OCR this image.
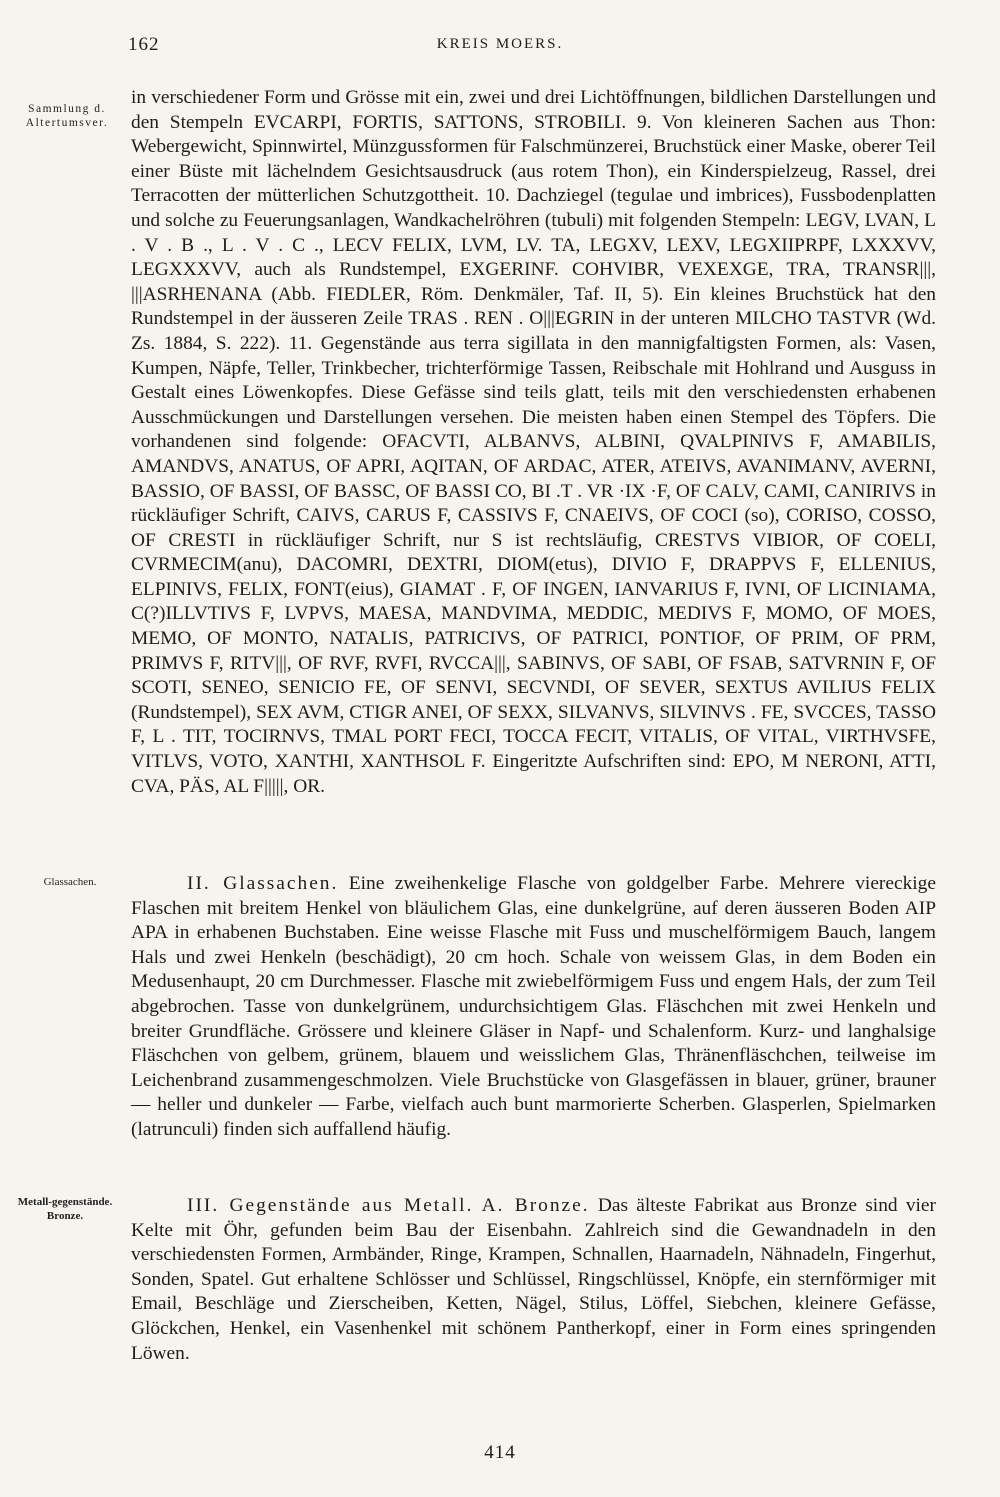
162	KREIS MOERS.
Sammlung d. Altertumsver.
Glassachen.
Metall-gegenstände. Bronze.

in verschiedener Form und Grösse mit ein, zwei und drei Lichtöffnungen, bildlichen Darstellungen und den Stempeln EVCARPI, FORTIS, SATTONS, STROBILI. 9. Von kleineren Sachen aus Thon: Webergewicht, Spinnwirtel, Münzgussformen für Falschmünzerei, Bruchstück einer Maske, oberer Teil einer Büste mit lächelndem Gesichtsausdruck (aus rotem Thon), ein Kinderspielzeug, Rassel, drei Terracotten der mütterlichen Schutzgottheit. 10. Dachziegel (tegulae und imbrices), Fussbodenplatten und solche zu Feuerungsanlagen, Wandkachelröhren (tubuli) mit folgenden Stempeln: LEGV, LVAN, L . V . B ., L . V . C ., LECV FELIX, LVM, LV. TA, LEGXV, LEXV, LEGXIIPRPF, LXXXVV, LEGXXXVV, auch als Rundstempel, EXGERINF. COHVIBR, VEXEXGE, TRA, TRANSR|||, |||ASRHENANA (Abb. FIEDLER, Röm. Denkmäler, Taf. II, 5). Ein kleines Bruchstück hat den Rundstempel in der äusseren Zeile TRAS . REN . O|||EGRIN in der unteren MILCHO TASTVR (Wd. Zs. 1884, S. 222). 11. Gegenstände aus terra sigillata in den mannigfaltigsten Formen, als: Vasen, Kumpen, Näpfe, Teller, Trinkbecher, trichterförmige Tassen, Reibschale mit Hohlrand und Ausguss in Gestalt eines Löwenkopfes. Diese Gefässe sind teils glatt, teils mit den verschiedensten erhabenen Ausschmückungen und Darstellungen versehen. Die meisten haben einen Stempel des Töpfers. Die vorhandenen sind folgende: OFACVTI, ALBANVS, ALBINI, QVALPINIVS F, AMABILIS, AMANDVS, ANATUS, OF APRI, AQITAN, OF ARDAC, ATER, ATEIVS, AVANIMANV, AVERNI, BASSIO, OF BASSI, OF BASSC, OF BASSI CO, BI .T . VR ·IX ·F, OF CALV, CAMI, CANIRIVS in rückläufiger Schrift, CAIVS, CARUS F, CASSIVS F, CNAEIVS, OF COCI (so), CORISO, COSSO, OF CRESTI in rückläufiger Schrift, nur S ist rechtsläufig, CRESTVS VIBIOR, OF COELI, CVRMECIM(anu), DACOMRI, DEXTRI, DIOM(etus), DIVIO F, DRAPPVS F, ELLENIUS, ELPINIVS, FELIX, FONT(eius), GIAMAT . F, OF INGEN, IANVARIUS F, IVNI, OF LICINIAMA, C(?)ILLVTIVS F, LVPVS, MAESA, MANDVIMA, MEDDIC, MEDIVS F, MOMO, OF MOES, MEMO, OF MONTO, NATALIS, PATRICIVS, OF PATRICI, PONTIOF, OF PRIM, OF PRM, PRIMVS F, RITV|||, OF RVF, RVFI, RVCCA|||, SABINVS, OF SABI, OF FSAB, SATVRNIN F, OF SCOTI, SENEO, SENICIO FE, OF SENVI, SECVNDI, OF SEVER, SEXTUS AVILIUS FELIX (Rundstempel), SEX AVM, CTIGR ANEI, OF SEXX, SILVANVS, SILVINVS . FE, SVCCES, TASSO F, L . TIT, TOCIRNVS, TMAL PORT FECI, TOCCA FECIT, VITALIS, OF VITAL, VIRTHVSFE, VITLVS, VOTO, XANTHI, XANTHSOL F. Eingeritzte Aufschriften sind: EPO, M NERONI, ATTI, CVA, PÄS, AL F|||||, OR.

II. Glassachen. Eine zweihenkelige Flasche von goldgelber Farbe. Mehrere viereckige Flaschen mit breitem Henkel von bläulichem Glas, eine dunkelgrüne, auf deren äusseren Boden AIP APA in erhabenen Buchstaben. Eine weisse Flasche mit Fuss und muschelförmigem Bauch, langem Hals und zwei Henkeln (beschädigt), 20 cm hoch. Schale von weissem Glas, in dem Boden ein Medusenhaupt, 20 cm Durchmesser. Flasche mit zwiebelförmigem Fuss und engem Hals, der zum Teil abgebrochen. Tasse von dunkelgrünem, undurchsichtigem Glas. Fläschchen mit zwei Henkeln und breiter Grundfläche. Grössere und kleinere Gläser in Napf- und Schalenform. Kurz- und langhalsige Fläschchen von gelbem, grünem, blauem und weisslichem Glas, Thränenfläschchen, teilweise im Leichenbrand zusammengeschmolzen. Viele Bruchstücke von Glasgefässen in blauer, grüner, brauner — heller und dunkeler — Farbe, vielfach auch bunt marmorierte Scherben. Glasperlen, Spielmarken (latrunculi) finden sich auffallend häufig.

III. Gegenstände aus Metall. A. Bronze. Das älteste Fabrikat aus Bronze sind vier Kelte mit Öhr, gefunden beim Bau der Eisenbahn. Zahlreich sind die Gewandnadeln in den verschiedensten Formen, Armbänder, Ringe, Krampen, Schnallen, Haarnadeln, Nähnadeln, Fingerhut, Sonden, Spatel. Gut erhaltene Schlösser und Schlüssel, Ringschlüssel, Knöpfe, ein sternförmiger mit Email, Beschläge und Zierscheiben, Ketten, Nägel, Stilus, Löffel, Siebchen, kleinere Gefässe, Glöckchen, Henkel, ein Vasenhenkel mit schönem Pantherkopf, einer in Form eines springenden Löwen.

414
